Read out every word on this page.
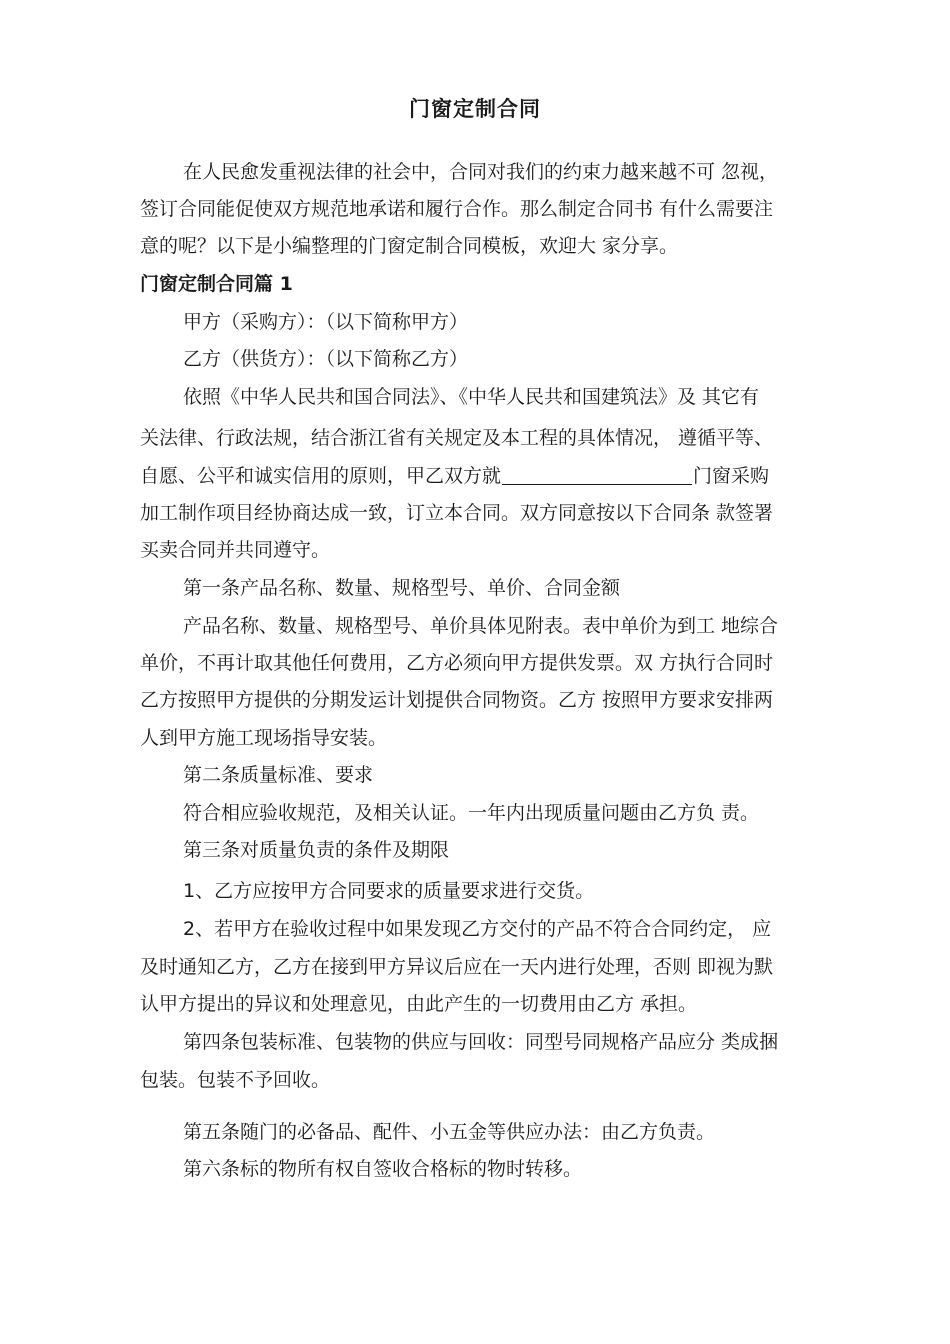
门窗定制合同
在人民愈发重视法律的社会中，合同对我们的约束力越来越不可 忽视，
签订合同能促使双方规范地承诺和履行合作。那么制定合同书 有什么需要注
意的呢？以下是小编整理的门窗定制合同模板，欢迎大 家分享。
门窗定制合同篇 1
甲方（采购方）：（以下简称甲方）
乙方（供货方）：（以下简称乙方）
依照《中华人民共和国合同法》、《中华人民共和国建筑法》及 其它有
关法律、行政法规，结合浙江省有关规定及本工程的具体情况， 遵循平等、
自愿、公平和诚实信用的原则，甲乙双方就	门窗采购
加工制作项目经协商达成一致，订立本合同。双方同意按以下合同条 款签署
买卖合同并共同遵守。
第一条产品名称、数量、规格型号、单价、合同金额
产品名称、数量、规格型号、单价具体见附表。表中单价为到工 地综合
单价，不再计取其他任何费用，乙方必须向甲方提供发票。双 方执行合同时
乙方按照甲方提供的分期发运计划提供合同物资。乙方 按照甲方要求安排两
人到甲方施工现场指导安装。
第二条质量标准、要求
符合相应验收规范，及相关认证。一年内出现质量问题由乙方负 责。
第三条对质量负责的条件及期限
1、乙方应按甲方合同要求的质量要求进行交货。
2、若甲方在验收过程中如果发现乙方交付的产品不符合合同约定， 应
及时通知乙方，乙方在接到甲方异议后应在一天内进行处理，否则 即视为默
认甲方提出的异议和处理意见，由此产生的一切费用由乙方 承担。
第四条包装标准、包装物的供应与回收：同型号同规格产品应分 类成捆
包装。包装不予回收。
第五条随门的必备品、配件、小五金等供应办法：由乙方负责。
第六条标的物所有权自签收合格标的物时转移。
